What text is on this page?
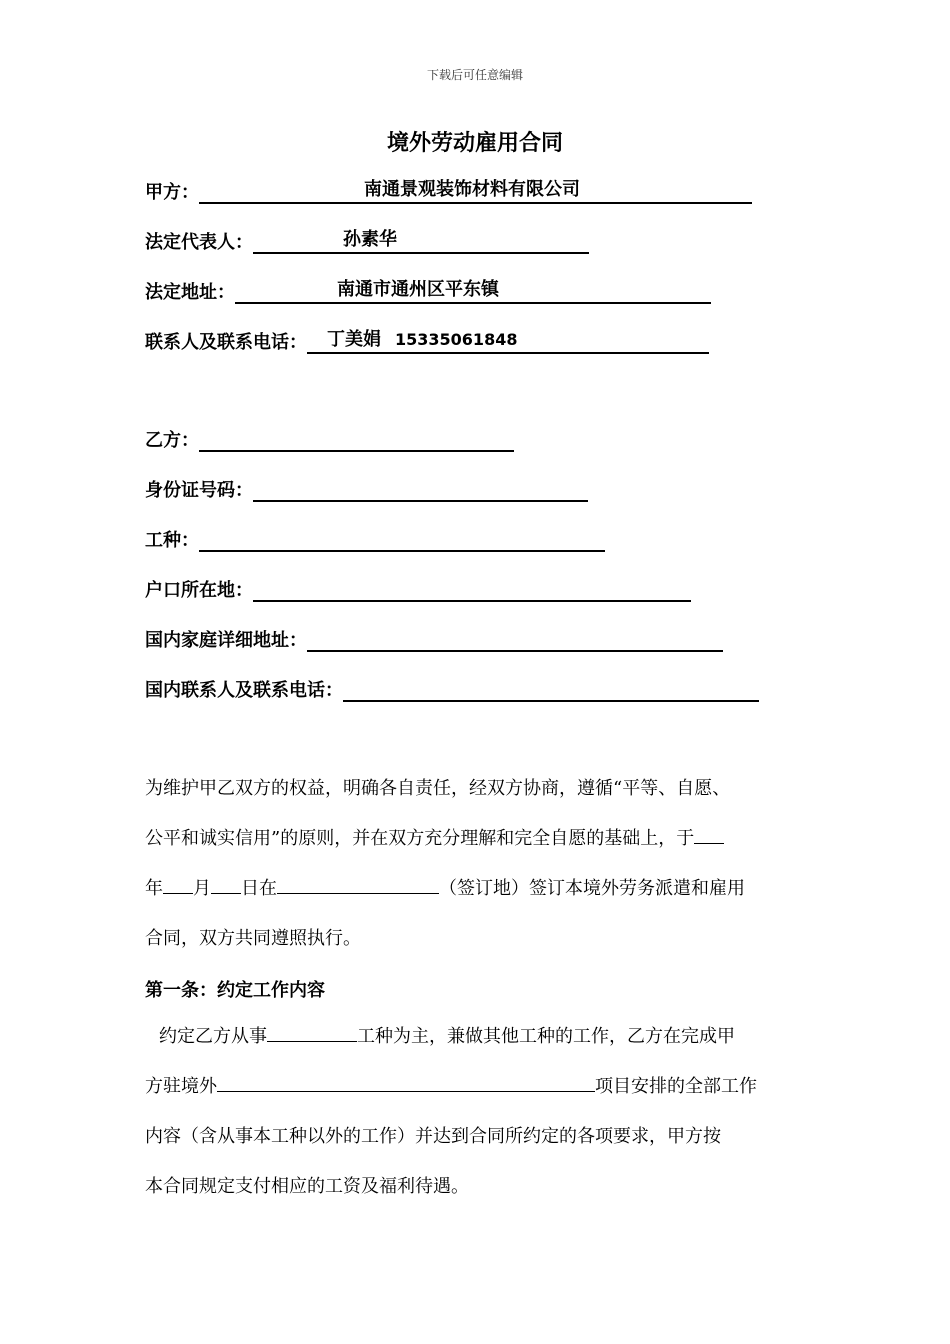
下载后可任意编辑
境外劳动雇用合同
甲方：	南通景观装饰材料有限公司
法定代表人：	孙素华
法定地址：	南通市通州区平东镇
联系人及联系电话： 丁美娟 15335061848
乙方：
身份证号码：
工种：
户口所在地：
国内家庭详细地址：
国内联系人及联系电话：
为维护甲乙双方的权益，明确各自责任，经双方协商，遵循“平等、自愿、
公平和诚实信用”的原则，并在双方充分理解和完全自愿的基础上，于
年 月 日在	（签订地）签订本境外劳务派遣和雇用
合同，双方共同遵照执行。
第一条：约定工作内容
约定乙方从事	工种为主，兼做其他工种的工作，乙方在完成甲
方驻境外	项目安排的全部工作
内容（含从事本工种以外的工作）并达到合同所约定的各项要求，甲方按
本合同规定支付相应的工资及福利待遇。
